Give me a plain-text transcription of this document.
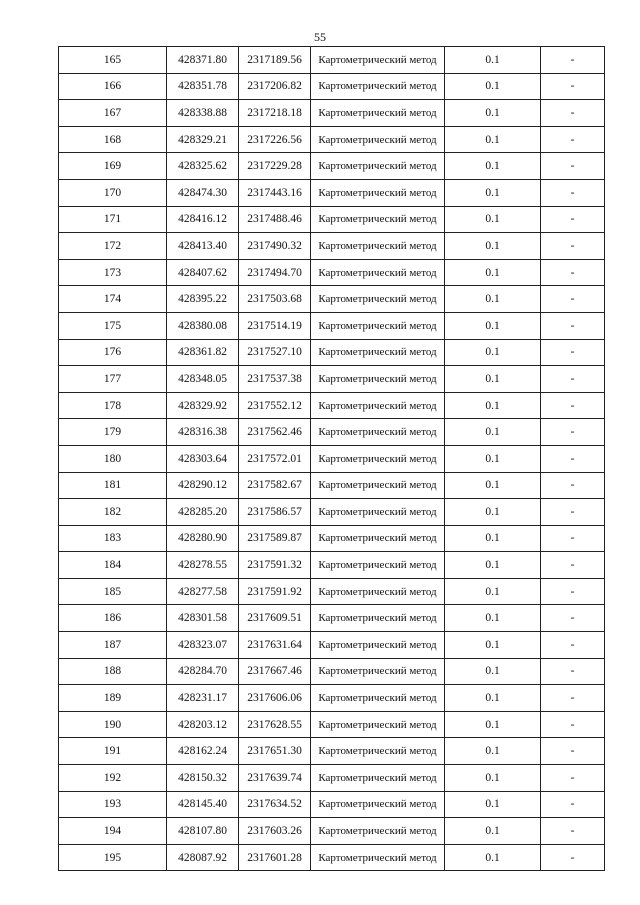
55
165	428371.80	2317189.56	Картометрический метод	0.1	-
166	428351.78	2317206.82	Картометрический метод	0.1	-
167	428338.88	2317218.18	Картометрический метод	0.1	-
168	428329.21	2317226.56	Картометрический метод	0.1	-
169	428325.62	2317229.28	Картометрический метод	0.1	-
170	428474.30	2317443.16	Картометрический метод	0.1	-
171	428416.12	2317488.46	Картометрический метод	0.1	-
172	428413.40	2317490.32	Картометрический метод	0.1	-
173	428407.62	2317494.70	Картометрический метод	0.1	-
174	428395.22	2317503.68	Картометрический метод	0.1	-
175	428380.08	2317514.19	Картометрический метод	0.1	-
176	428361.82	2317527.10	Картометрический метод	0.1	-
177	428348.05	2317537.38	Картометрический метод	0.1	-
178	428329.92	2317552.12	Картометрический метод	0.1	-
179	428316.38	2317562.46	Картометрический метод	0.1	-
180	428303.64	2317572.01	Картометрический метод	0.1	-
181	428290.12	2317582.67	Картометрический метод	0.1	-
182	428285.20	2317586.57	Картометрический метод	0.1	-
183	428280.90	2317589.87	Картометрический метод	0.1	-
184	428278.55	2317591.32	Картометрический метод	0.1	-
185	428277.58	2317591.92	Картометрический метод	0.1	-
186	428301.58	2317609.51	Картометрический метод	0.1	-
187	428323.07	2317631.64	Картометрический метод	0.1	-
188	428284.70	2317667.46	Картометрический метод	0.1	-
189	428231.17	2317606.06	Картометрический метод	0.1	-
190	428203.12	2317628.55	Картометрический метод	0.1	-
191	428162.24	2317651.30	Картометрический метод	0.1	-
192	428150.32	2317639.74	Картометрический метод	0.1	-
193	428145.40	2317634.52	Картометрический метод	0.1	-
194	428107.80	2317603.26	Картометрический метод	0.1	-
195	428087.92	2317601.28	Картометрический метод	0.1	-
